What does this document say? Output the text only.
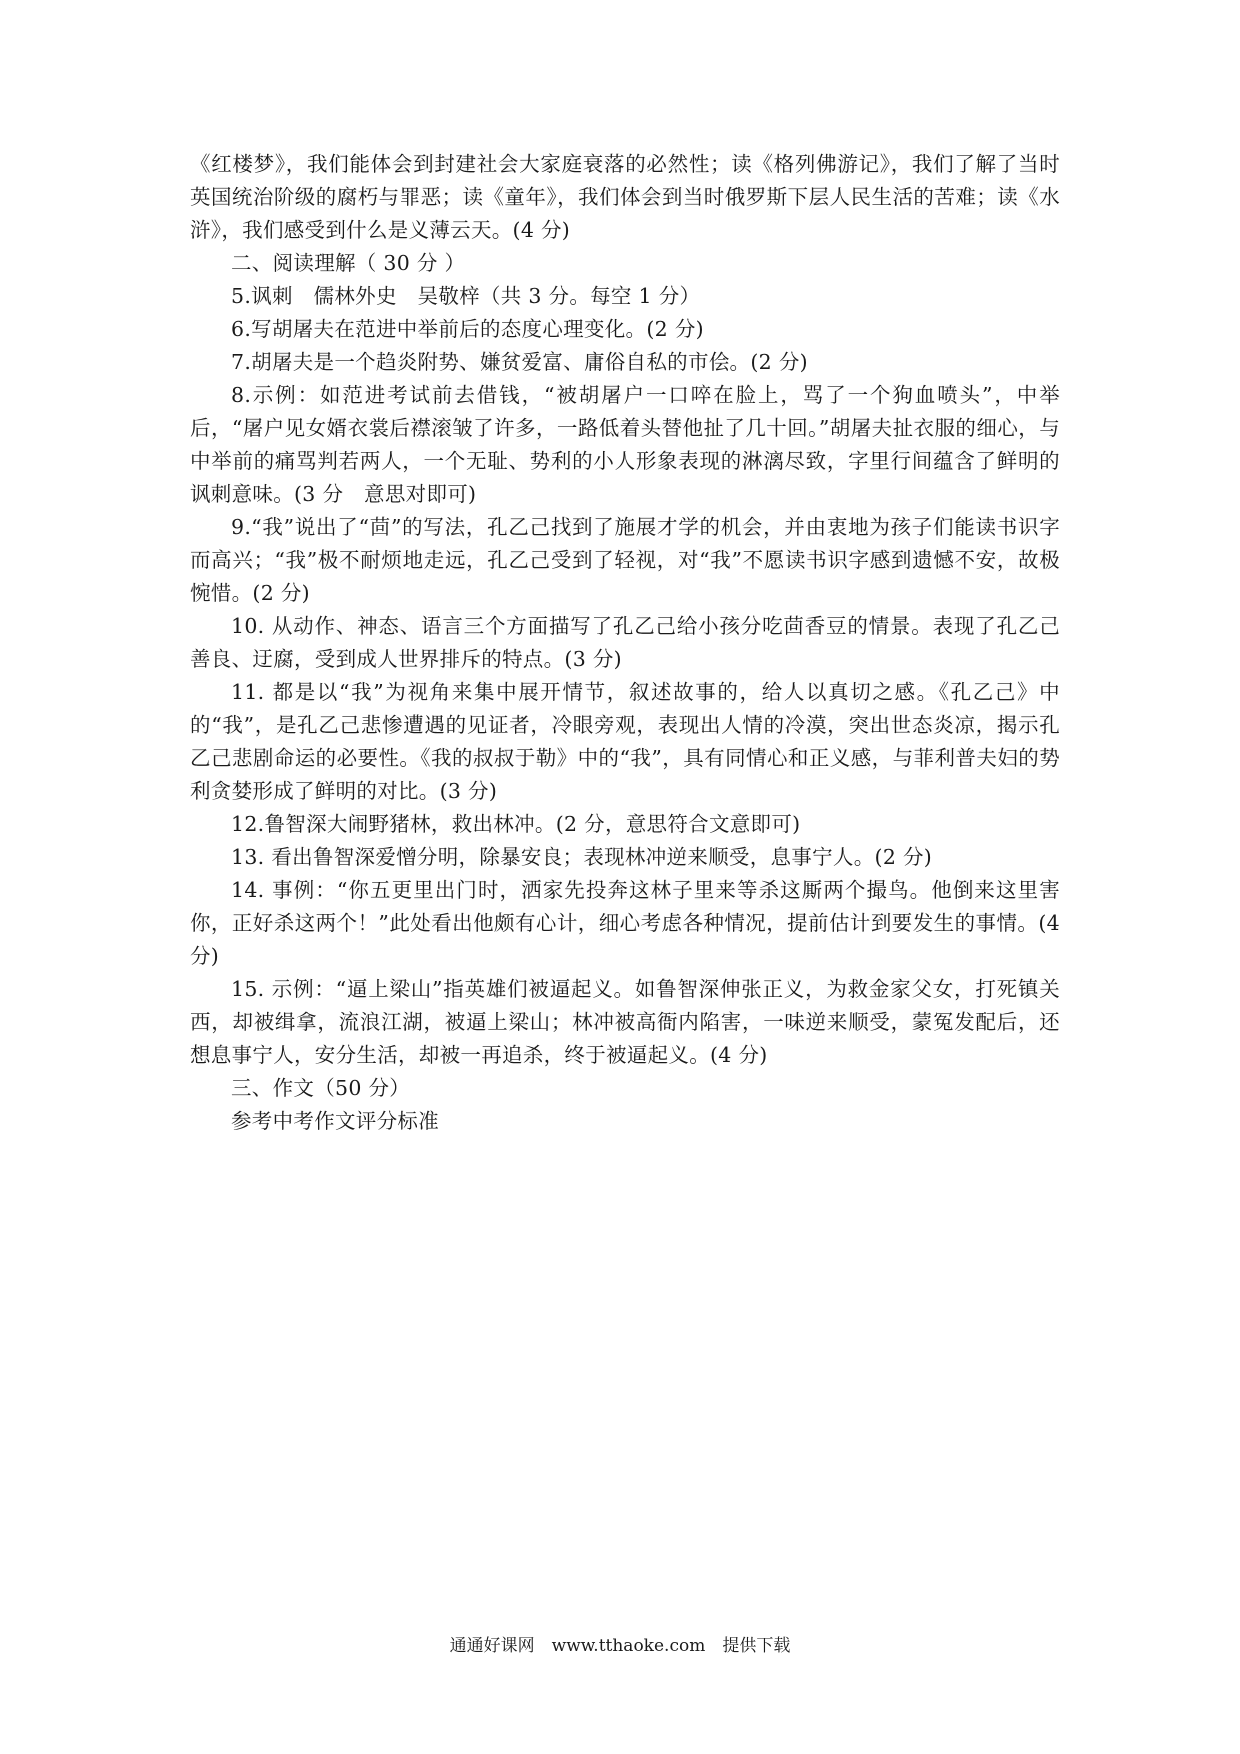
《红楼梦》，我们能体会到封建社会大家庭衰落的必然性；读《格列佛游记》，我们了解了当时英国统治阶级的腐朽与罪恶；读《童年》，我们体会到当时俄罗斯下层人民生活的苦难；读《水浒》，我们感受到什么是义薄云天。(4 分)

二、阅读理解（ 30 分 ）

5.讽刺　儒林外史　吴敬梓（共 3 分。每空 1 分）

6.写胡屠夫在范进中举前后的态度心理变化。(2 分)

7.胡屠夫是一个趋炎附势、嫌贫爱富、庸俗自私的市侩。(2 分)

8.示例：如范进考试前去借钱，“被胡屠户一口啐在脸上，骂了一个狗血喷头”，中举后，“屠户见女婿衣裳后襟滚皱了许多，一路低着头替他扯了几十回。”胡屠夫扯衣服的细心，与中举前的痛骂判若两人，一个无耻、势利的小人形象表现的淋漓尽致，字里行间蕴含了鲜明的讽刺意味。(3 分　意思对即可)

9.“我”说出了“茴”的写法，孔乙己找到了施展才学的机会，并由衷地为孩子们能读书识字而高兴；“我”极不耐烦地走远，孔乙己受到了轻视，对“我”不愿读书识字感到遗憾不安，故极惋惜。(2 分)

10. 从动作、神态、语言三个方面描写了孔乙己给小孩分吃茴香豆的情景。表现了孔乙己善良、迂腐，受到成人世界排斥的特点。(3 分)

11. 都是以“我”为视角来集中展开情节，叙述故事的，给人以真切之感。《孔乙己》中的“我”，是孔乙己悲惨遭遇的见证者，冷眼旁观，表现出人情的冷漠，突出世态炎凉，揭示孔乙己悲剧命运的必要性。《我的叔叔于勒》中的“我”，具有同情心和正义感，与菲利普夫妇的势利贪婪形成了鲜明的对比。(3 分)

12.鲁智深大闹野猪林，救出林冲。(2 分，意思符合文意即可)

13. 看出鲁智深爱憎分明，除暴安良；表现林冲逆来顺受，息事宁人。(2 分)

14. 事例：“你五更里出门时，洒家先投奔这林子里来等杀这厮两个撮鸟。他倒来这里害你，正好杀这两个！”此处看出他颇有心计，细心考虑各种情况，提前估计到要发生的事情。(4 分)

15. 示例：“逼上梁山”指英雄们被逼起义。如鲁智深伸张正义，为救金家父女，打死镇关西，却被缉拿，流浪江湖，被逼上梁山；林冲被高衙内陷害，一味逆来顺受，蒙冤发配后，还想息事宁人，安分生活，却被一再追杀，终于被逼起义。(4 分)

三、作文（50 分）

参考中考作文评分标准

通通好课网　www.tthaoke.com　提供下载
